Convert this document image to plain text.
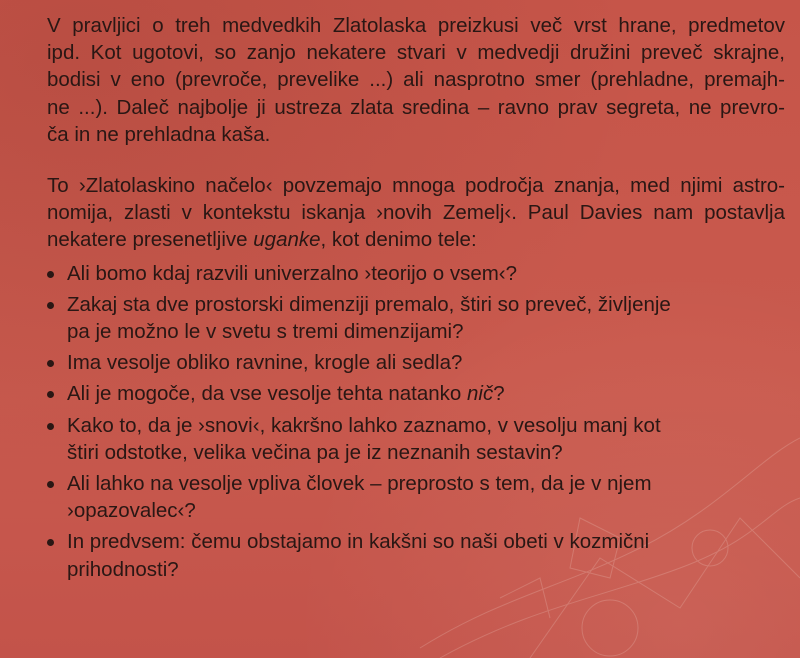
V pravljici o treh medvedkih Zlatolaska preizkusi več vrst hrane, predmetov
ipd. Kot ugotovi, so zanjo nekatere stvari v medvedji družini preveč skrajne,
bodisi v eno (prevroče, prevelike ...) ali nasprotno smer (prehladne, premajh-
ne ...). Daleč najbolje ji ustreza zlata sredina – ravno prav segreta, ne prevro-
ča in ne prehladna kaša.

To ›Zlatolaskino načelo‹ povzemajo mnoga področja znanja, med njimi astro-
nomija, zlasti v kontekstu iskanja ›novih Zemelj‹. Paul Davies nam postavlja
nekatere presenetljive uganke, kot denimo tele:

Ali bomo kdaj razvili univerzalno ›teorijo o vsem‹?
Zakaj sta dve prostorski dimenziji premalo, štiri so preveč, življenje
pa je možno le v svetu s tremi dimenzijami?
Ima vesolje obliko ravnine, krogle ali sedla?
Ali je mogoče, da vse vesolje tehta natanko nič?
Kako to, da je ›snovi‹, kakršno lahko zaznamo, v vesolju manj kot
štiri odstotke, velika večina pa je iz neznanih sestavin?
Ali lahko na vesolje vpliva človek – preprosto s tem, da je v njem
›opazovalec‹?
In predvsem: čemu obstajamo in kakšni so naši obeti v kozmični
prihodnosti?
